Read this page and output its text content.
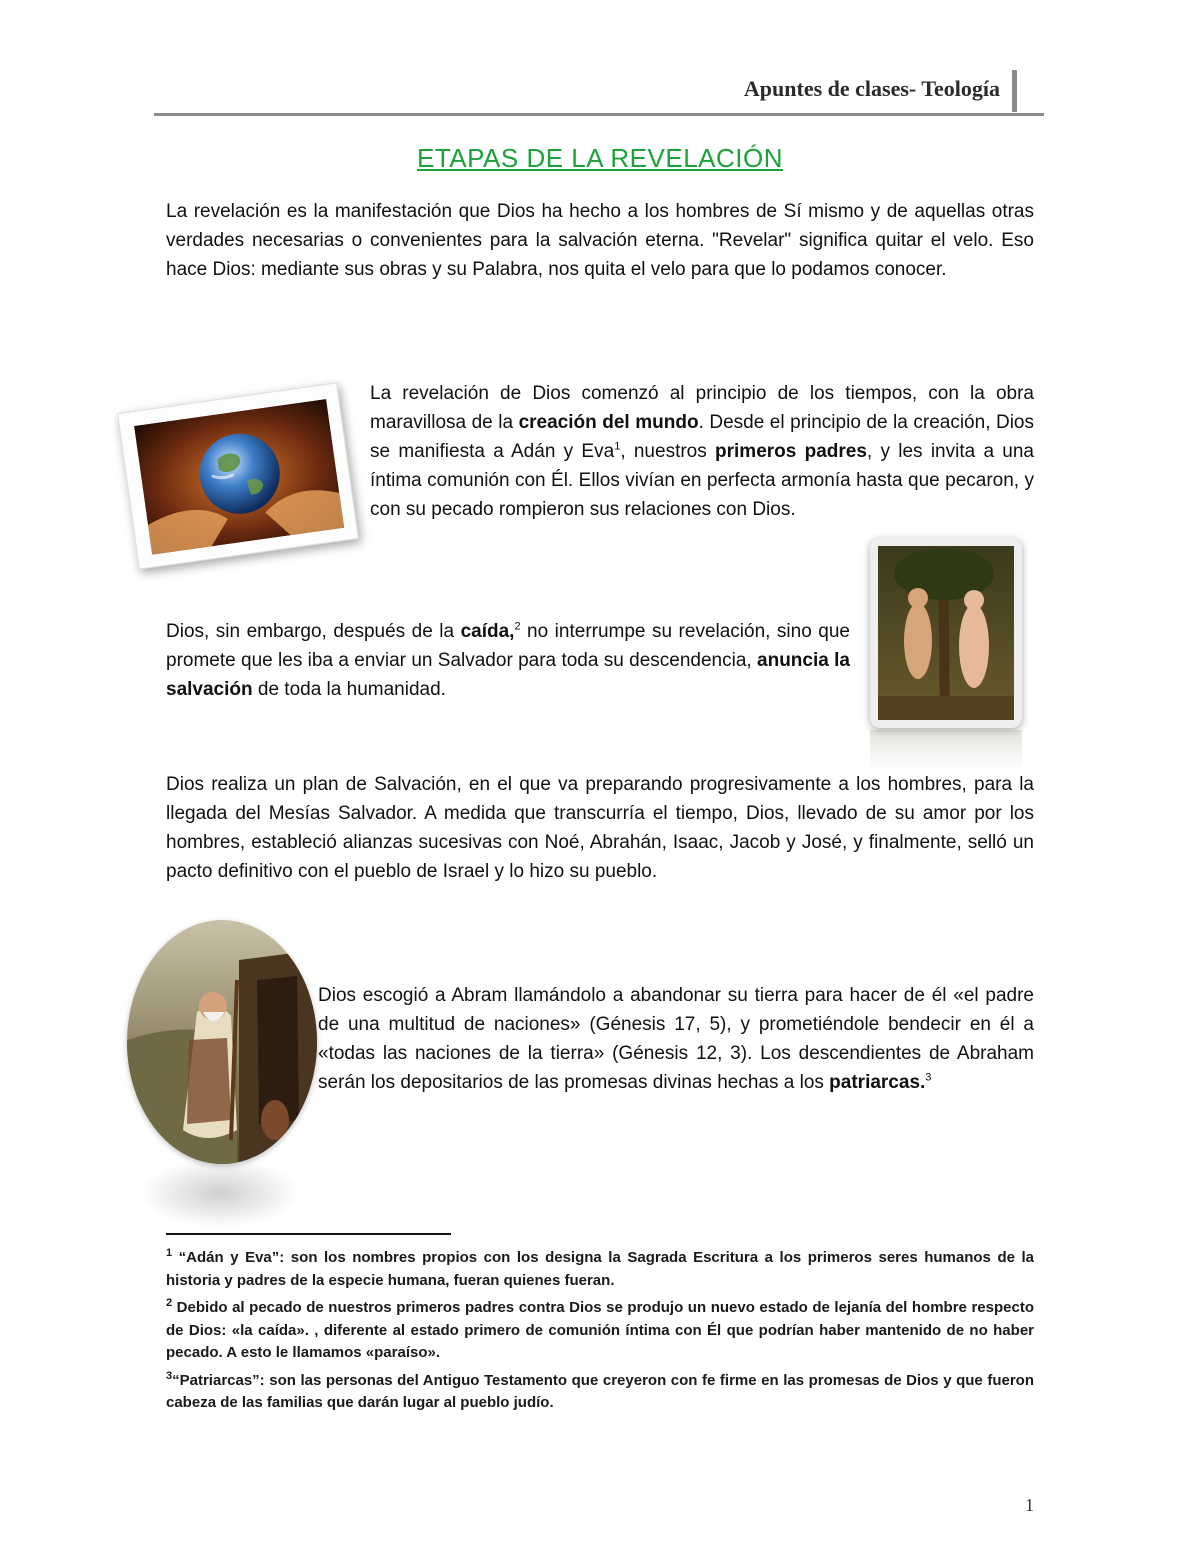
Apuntes de clases- Teología
ETAPAS DE LA REVELACIÓN
La revelación es la manifestación que Dios ha hecho a los hombres de Sí mismo y de aquellas otras verdades necesarias o convenientes para la salvación eterna. "Revelar" significa quitar el velo. Eso hace Dios: mediante sus obras y su Palabra, nos quita el velo para que lo podamos conocer.
La revelación de Dios comenzó al principio de los tiempos, con la obra maravillosa de la creación del mundo. Desde el principio de la creación, Dios se manifiesta a Adán y Eva$^1$, nuestros primeros padres, y les invita a una íntima comunión con Él. Ellos vivían en perfecta armonía hasta que pecaron, y con su pecado rompieron sus relaciones con Dios.
Dios, sin embargo, después de la caída,$^2$ no interrumpe su revelación, sino que promete que les iba a enviar un Salvador para toda su descendencia, anuncia la salvación de toda la humanidad.
Dios realiza un plan de Salvación, en el que va preparando progresivamente a los hombres, para la llegada del Mesías Salvador. A medida que transcurría el tiempo, Dios, llevado de su amor por los hombres, estableció alianzas sucesivas con Noé, Abrahán, Isaac, Jacob y José, y finalmente, selló un pacto definitivo con el pueblo de Israel y lo hizo su pueblo.
Dios escogió a Abram llamándolo a abandonar su tierra para hacer de él «el padre de una multitud de naciones» (Génesis 17, 5), y prometiéndole bendecir en él a «todas las naciones de la tierra» (Génesis 12, 3). Los descendientes de Abraham serán los depositarios de las promesas divinas hechas a los patriarcas.$^3$

$^1$ “Adán y Eva”: son los nombres propios con los designa la Sagrada Escritura a los primeros seres humanos de la historia y padres de la especie humana, fueran quienes fueran.

$^2$ Debido al pecado de nuestros primeros padres contra Dios se produjo un nuevo estado de lejanía del hombre respecto de Dios: «la caída». , diferente al estado primero de comunión íntima con Él que podrían haber mantenido de no haber pecado. A esto le llamamos «paraíso».

$^3$“Patriarcas”: son las personas del Antiguo Testamento que creyeron con fe firme en las promesas de Dios y que fueron cabeza de las familias que darán lugar al pueblo judío.

1
